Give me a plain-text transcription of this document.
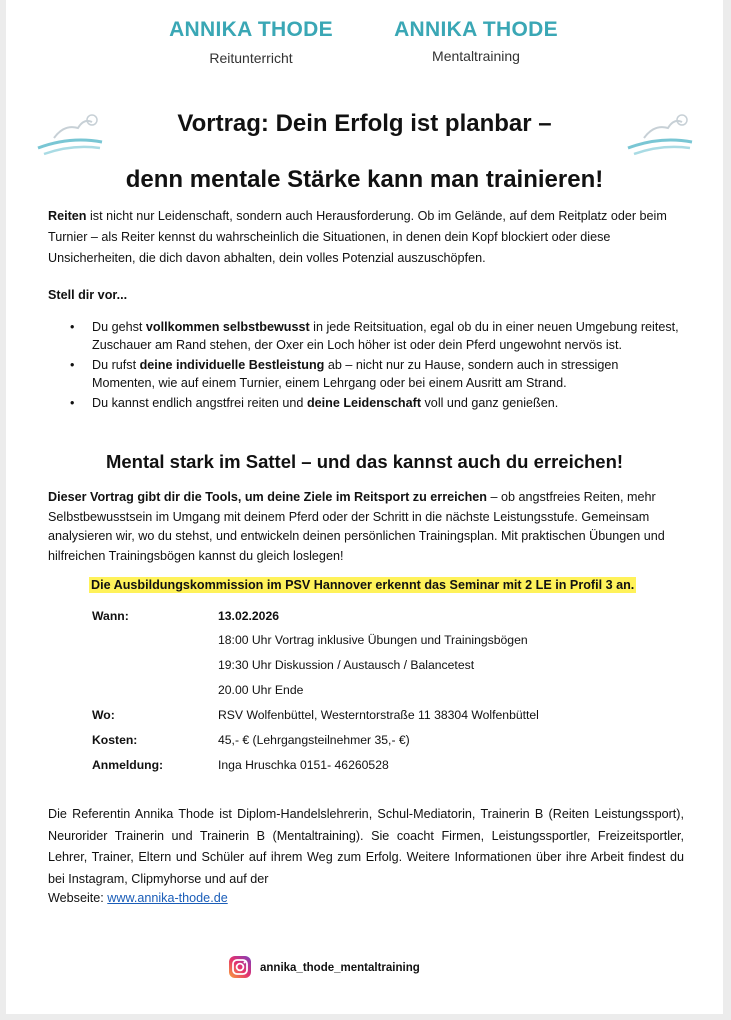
ANNIKA THODE
Reitunterricht
ANNIKA THODE
Mentaltraining
Vortrag: Dein Erfolg ist planbar –
denn mentale Stärke kann man trainieren!
Reiten ist nicht nur Leidenschaft, sondern auch Herausforderung. Ob im Gelände, auf dem Reitplatz oder beim Turnier – als Reiter kennst du wahrscheinlich die Situationen, in denen dein Kopf blockiert oder diese Unsicherheiten, die dich davon abhalten, dein volles Potenzial auszuschöpfen.
Stell dir vor...
• Du gehst vollkommen selbstbewusst in jede Reitsituation, egal ob du in einer neuen Umgebung reitest, Zuschauer am Rand stehen, der Oxer ein Loch höher ist oder dein Pferd ungewohnt nervös ist.
• Du rufst deine individuelle Bestleistung ab – nicht nur zu Hause, sondern auch in stressigen Momenten, wie auf einem Turnier, einem Lehrgang oder bei einem Ausritt am Strand.
• Du kannst endlich angstfrei reiten und deine Leidenschaft voll und ganz genießen.
Mental stark im Sattel – und das kannst auch du erreichen!
Dieser Vortrag gibt dir die Tools, um deine Ziele im Reitsport zu erreichen – ob angstfreies Reiten, mehr Selbstbewusstsein im Umgang mit deinem Pferd oder der Schritt in die nächste Leistungsstufe. Gemeinsam analysieren wir, wo du stehst, und entwickeln deinen persönlichen Trainingsplan. Mit praktischen Übungen und hilfreichen Trainingsbögen kannst du gleich loslegen!
Die Ausbildungskommission im PSV Hannover erkennt das Seminar mit 2 LE in Profil 3 an.
Wann:	13.02.2026
18:00 Uhr Vortrag inklusive Übungen und Trainingsbögen
19:30 Uhr Diskussion / Austausch / Balancetest
20.00 Uhr Ende
Wo:	RSV Wolfenbüttel, Westerntorstraße 11 38304 Wolfenbüttel
Kosten:	45,- € (Lehrgangsteilnehmer 35,- €)
Anmeldung:	Inga Hruschka 0151- 46260528
Die Referentin Annika Thode ist Diplom-Handelslehrerin, Schul-Mediatorin, Trainerin B (Reiten Leistungssport), Neurorider Trainerin und Trainerin B (Mentaltraining). Sie coacht Firmen, Leistungssportler, Freizeitsportler, Lehrer, Trainer, Eltern und Schüler auf ihrem Weg zum Erfolg. Weitere Informationen über ihre Arbeit findest du bei Instagram, Clipmyhorse und auf der
Webseite: www.annika-thode.de
annika_thode_mentaltraining
